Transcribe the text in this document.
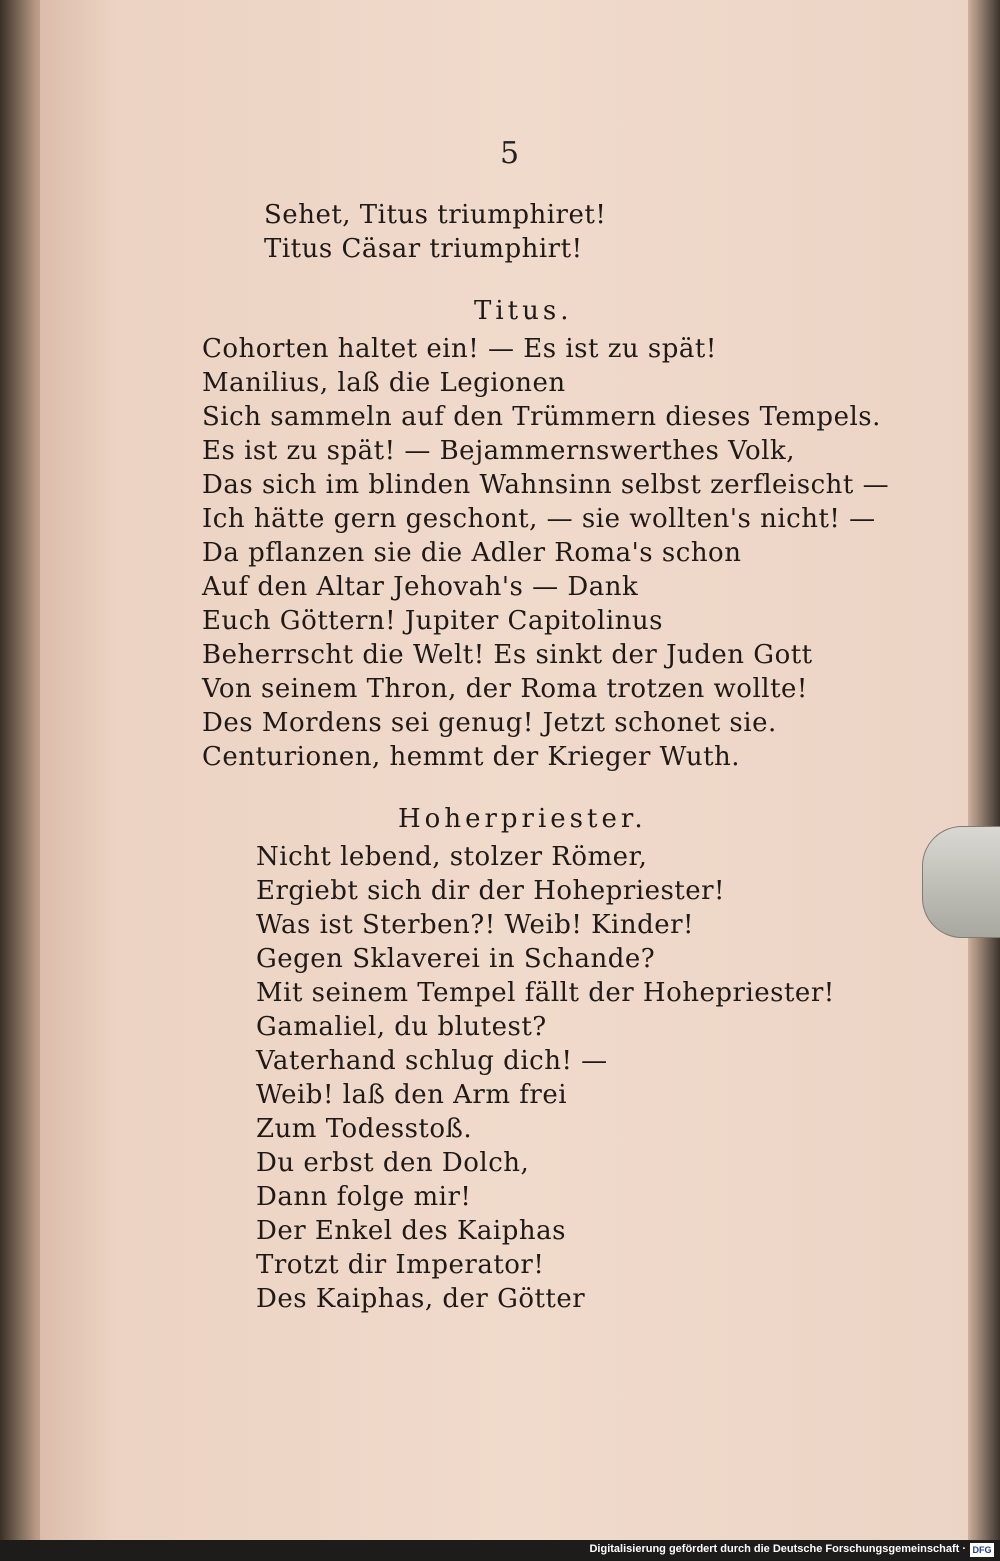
5
Sehet, Titus triumphiret!
Titus Cäsar triumphirt!
Titus.
Cohorten haltet ein! — Es ist zu spät!
Manilius, laß die Legionen
Sich sammeln auf den Trümmern dieses Tempels.
Es ist zu spät! — Bejammernswerthes Volk,
Das sich im blinden Wahnsinn selbst zerfleischt —
Ich hätte gern geschont, — sie wollten's nicht! —
Da pflanzen sie die Adler Roma's schon
Auf den Altar Jehovah's — Dank
Euch Göttern! Jupiter Capitolinus
Beherrscht die Welt! Es sinkt der Juden Gott
Von seinem Thron, der Roma trotzen wollte!
Des Mordens sei genug! Jetzt schonet sie.
Centurionen, hemmt der Krieger Wuth.
Hoherpriester.
Nicht lebend, stolzer Römer,
Ergiebt sich dir der Hohepriester!
Was ist Sterben?! Weib! Kinder!
Gegen Sklaverei in Schande?
Mit seinem Tempel fällt der Hohepriester!
Gamaliel, du blutest?
Vaterhand schlug dich! —
Weib! laß den Arm frei
Zum Todesstoß.
Du erbst den Dolch,
Dann folge mir!
Der Enkel des Kaiphas
Trotzt dir Imperator!
Des Kaiphas, der Götter
Digitalisierung gefördert durch die Deutsche Forschungsgemeinschaft · DFG
